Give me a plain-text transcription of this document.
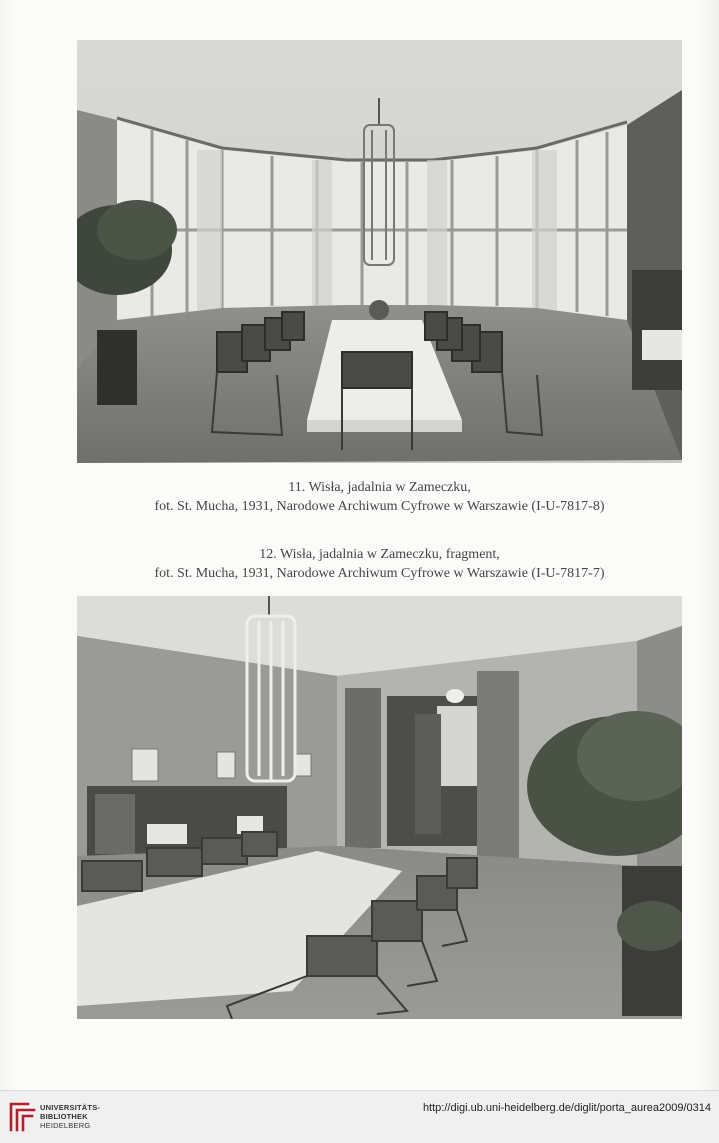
11. Wisła, jadalnia w Zameczku,
fot. St. Mucha, 1931, Narodowe Archiwum Cyfrowe w Warszawie (I-U-7817-8)
12. Wisła, jadalnia w Zameczku, fragment,
fot. St. Mucha, 1931, Narodowe Archiwum Cyfrowe w Warszawie (I-U-7817-7)
UNIVERSITÄTS-
BIBLIOTHEK
HEIDELBERG
http://digi.ub.uni-heidelberg.de/diglit/porta_aurea2009/0314
